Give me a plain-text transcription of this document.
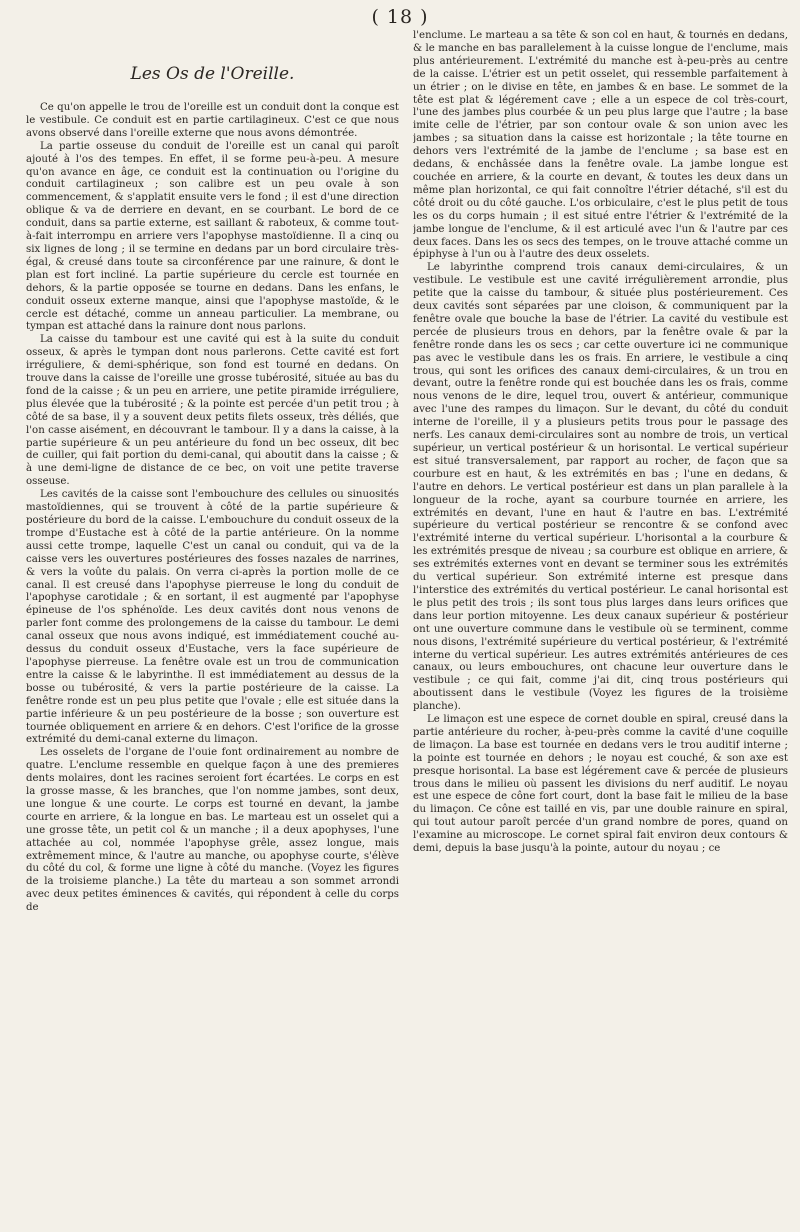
( 18 )
Les Os de l'Oreille.

Ce qu'on appelle le trou de l'oreille est un conduit dont la conque est le vestibule. Ce conduit est en partie cartilagineux. C'est ce que nous avons observé dans l'oreille externe que nous avons démontrée.

La partie osseuse du conduit de l'oreille est un canal qui paroît ajouté à l'os des tempes. En effet, il se forme peu-à-peu. A mesure qu'on avance en âge, ce conduit est la continuation ou l'origine du conduit cartilagineux ; son calibre est un peu ovale à son commencement, & s'applatit ensuite vers le fond ; il est d'une direction oblique & va de derriere en devant, en se courbant. Le bord de ce conduit, dans sa partie externe, est saillant & raboteux, & comme tout-à-fait interrompu en arriere vers l'apophyse mastoïdienne. Il a cinq ou six lignes de long ; il se termine en dedans par un bord circulaire très-égal, & creusé dans toute sa circonférence par une rainure, & dont le plan est fort incliné. La partie supérieure du cercle est tournée en dehors, & la partie opposée se tourne en dedans. Dans les enfans, le conduit osseux externe manque, ainsi que l'apophyse mastoïde, & le cercle est détaché, comme un anneau particulier. La membrane, ou tympan est attaché dans la rainure dont nous parlons.

La caisse du tambour est une cavité qui est à la suite du conduit osseux, & après le tympan dont nous parlerons. Cette cavité est fort irréguliere, & demi-sphérique, son fond est tourné en dedans. On trouve dans la caisse de l'oreille une grosse tubérosité, située au bas du fond de la caisse ; & un peu en arriere, une petite piramide irréguliere, plus élevée que la tubérosité ; & la pointe est percée d'un petit trou ; à côté de sa base, il y a souvent deux petits filets osseux, très déliés, que l'on casse aisément, en découvrant le tambour. Il y a dans la caisse, à la partie supérieure & un peu antérieure du fond un bec osseux, dit bec de cuiller, qui fait portion du demi-canal, qui aboutit dans la caisse ; & à une demi-ligne de distance de ce bec, on voit une petite traverse osseuse.

Les cavités de la caisse sont l'embouchure des cellules ou sinuosités mastoïdiennes, qui se trouvent à côté de la partie supérieure & postérieure du bord de la caisse. L'embouchure du conduit osseux de la trompe d'Eustache est à côté de la partie antérieure. On la nomme aussi cette trompe, laquelle C'est un canal ou conduit, qui va de la caisse vers les ouvertures postérieures des fosses nazales de narrines, & vers la voûte du palais. On verra ci-après la portion molle de ce canal. Il est creusé dans l'apophyse pierreuse le long du conduit de l'apophyse carotidale ; & en sortant, il est augmenté par l'apophyse épineuse de l'os sphénoïde. Les deux cavités dont nous venons de parler font comme des prolongemens de la caisse du tambour. Le demi canal osseux que nous avons indiqué, est immédiatement couché au-dessus du conduit osseux d'Eustache, vers la face supérieure de l'apophyse pierreuse. La fenêtre ovale est un trou de communication entre la caisse & le labyrinthe. Il est immédiatement au dessus de la bosse ou tubérosité, & vers la partie postérieure de la caisse. La fenêtre ronde est un peu plus petite que l'ovale ; elle est située dans la partie inférieure & un peu postérieure de la bosse ; son ouverture est tournée obliquement en arriere & en dehors. C'est l'orifice de la grosse extrémité du demi-canal externe du limaçon.

Les osselets de l'organe de l'ouie font ordinairement au nombre de quatre. L'enclume ressemble en quelque façon à une des premieres dents molaires, dont les racines seroient fort écartées. Le corps en est la grosse masse, & les branches, que l'on nomme jambes, sont deux, une longue & une courte. Le corps est tourné en devant, la jambe courte en arriere, & la longue en bas. Le marteau est un osselet qui a une grosse tête, un petit col & un manche ; il a deux apophyses, l'une attachée au col, nommée l'apophyse grêle, assez longue, mais extrêmement mince, & l'autre au manche, ou apophyse courte, s'élève du côté du col, & forme une ligne à côté du manche. (Voyez les figures de la troisieme planche.) La tête du marteau a son sommet arrondi avec deux petites éminences & cavités, qui répondent à celle du corps de

l'enclume. Le marteau a sa tête & son col en haut, & tournés en dedans, & le manche en bas parallelement à la cuisse longue de l'enclume, mais plus antérieurement. L'extrémité du manche est à-peu-près au centre de la caisse. L'étrier est un petit osselet, qui ressemble parfaitement à un étrier ; on le divise en tête, en jambes & en base. Le sommet de la tête est plat & légérement cave ; elle a un espece de col très-court, l'une des jambes plus courbée & un peu plus large que l'autre ; la base imite celle de l'étrier, par son contour ovale & son union avec les jambes ; sa situation dans la caisse est horizontale ; la tête tourne en dehors vers l'extrémité de la jambe de l'enclume ; sa base est en dedans, & enchâssée dans la fenêtre ovale. La jambe longue est couchée en arriere, & la courte en devant, & toutes les deux dans un même plan horizontal, ce qui fait connoître l'étrier détaché, s'il est du côté droit ou du côté gauche. L'os orbiculaire, c'est le plus petit de tous les os du corps humain ; il est situé entre l'étrier & l'extrémité de la jambe longue de l'enclume, & il est articulé avec l'un & l'autre par ces deux faces. Dans les os secs des tempes, on le trouve attaché comme un épiphyse à l'un ou à l'autre des deux osselets.

Le labyrinthe comprend trois canaux demi-circulaires, & un vestibule. Le vestibule est une cavité irrégulièrement arrondie, plus petite que la caisse du tambour, & située plus postérieurement. Ces deux cavités sont séparées par une cloison, & communiquent par la fenêtre ovale que bouche la base de l'étrier. La cavité du vestibule est percée de plusieurs trous en dehors, par la fenêtre ovale & par la fenêtre ronde dans les os secs ; car cette ouverture ici ne communique pas avec le vestibule dans les os frais. En arriere, le vestibule a cinq trous, qui sont les orifices des canaux demi-circulaires, & un trou en devant, outre la fenêtre ronde qui est bouchée dans les os frais, comme nous venons de le dire, lequel trou, ouvert & antérieur, communique avec l'une des rampes du limaçon. Sur le devant, du côté du conduit interne de l'oreille, il y a plusieurs petits trous pour le passage des nerfs. Les canaux demi-circulaires sont au nombre de trois, un vertical supérieur, un vertical postérieur & un horisontal. Le vertical supérieur est situé transversalement, par rapport au rocher, de façon que sa courbure est en haut, & les extrémités en bas ; l'une en dedans, & l'autre en dehors. Le vertical postérieur est dans un plan parallele à la longueur de la roche, ayant sa courbure tournée en arriere, les extrémités en devant, l'une en haut & l'autre en bas. L'extrémité supérieure du vertical postérieur se rencontre & se confond avec l'extrémité interne du vertical supérieur. L'horisontal a la courbure & les extrémités presque de niveau ; sa courbure est oblique en arriere, & ses extrémités externes vont en devant se terminer sous les extrémités du vertical supérieur. Son extrémité interne est presque dans l'interstice des extrémités du vertical postérieur. Le canal horisontal est le plus petit des trois ; ils sont tous plus larges dans leurs orifices que dans leur portion mitoyenne. Les deux canaux supérieur & postérieur ont une ouverture commune dans le vestibule où se terminent, comme nous disons, l'extrémité supérieure du vertical postérieur, & l'extrémité interne du vertical supérieur. Les autres extrémités antérieures de ces canaux, ou leurs embouchures, ont chacune leur ouverture dans le vestibule ; ce qui fait, comme j'ai dit, cinq trous postérieurs qui aboutissent dans le vestibule (Voyez les figures de la troisième planche).

Le limaçon est une espece de cornet double en spiral, creusé dans la partie antérieure du rocher, à-peu-près comme la cavité d'une coquille de limaçon. La base est tournée en dedans vers le trou auditif interne ; la pointe est tournée en dehors ; le noyau est couché, & son axe est presque horisontal. La base est légérement cave & percée de plusieurs trous dans le milieu où passent les divisions du nerf auditif. Le noyau est une espece de cône fort court, dont la base fait le milieu de la base du limaçon. Ce cône est taillé en vis, par une double rainure en spiral, qui tout autour paroît percée d'un grand nombre de pores, quand on l'examine au microscope. Le cornet spiral fait environ deux contours & demi, depuis la base jusqu'à la pointe, autour du noyau ; ce
